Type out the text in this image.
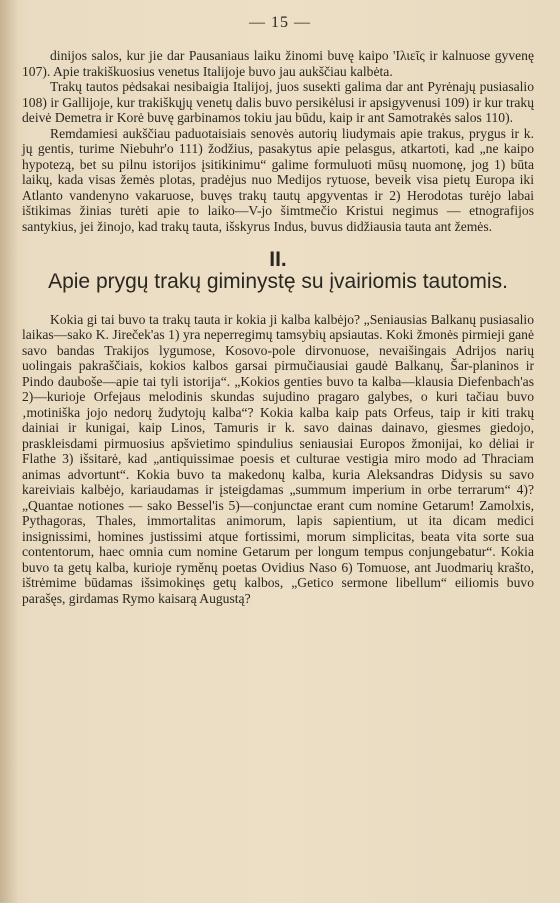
— 15 —

dinijos salos, kur jie dar Pausaniaus laiku žinomi buvę kaipo 'Ιλιεῖς ir kalnuose gyvenę 107). Apie trakiškuosius venetus Italijoje buvo jau aukščiau kalbėta.

Trakų tautos pėdsakai nesibaigia Italijoj, juos susekti galima dar ant Pyrėnajų pusiasalio 108) ir Gallijoje, kur trakiškųjų venetų dalis buvo persikėlusi ir apsigyvenusi 109) ir kur trakų deivė Demetra ir Korė buvę garbinamos tokiu jau būdu, kaip ir ant Samotrakės salos 110).

Remdamiesi aukščiau paduotaisiais senovės autorių liudymais apie trakus, prygus ir k. jų gentis, turime Niebuhr'o 111) žodžius, pasakytus apie pelasgus, atkartoti, kad „ne kaipo hypotezą, bet su pilnu istorijos įsitikinimu“ galime formuluoti mūsų nuomonę, jog 1) būta laikų, kada visas žemės plotas, pradėjus nuo Medijos rytuose, beveik visa pietų Europa iki Atlanto vandenyno vakaruose, buvęs trakų tautų apgyventas ir 2) Herodotas turėjo labai ištikimas žinias turėti apie to laiko—V-jo šimtmečio Kristui negimus — etnografijos santykius, jei žinojo, kad trakų tauta, išskyrus Indus, buvus didžiausia tauta ant žemės.

II.
Apie prygų trakų giminystę su įvairiomis tautomis.

Kokia gi tai buvo ta trakų tauta ir kokia ji kalba kalbėjo? „Seniausias Balkanų pusiasalio laikas—sako K. Jireček'as 1) yra neperregimų tamsybių apsiautas. Koki žmonės pirmieji ganė savo bandas Trakijos lygumose, Kosovo-pole dirvonuose, nevaišingais Adrijos narių uolingais pakraščiais, kokios kalbos garsai pirmučiausiai gaudė Balkanų, Šar-planinos ir Pindo dauboše—apie tai tyli istorija“. „Kokios genties buvo ta kalba—klausia Diefenbach'as 2)—kurioje Orfejaus melodinis skundas sujudino pragaro galybes, o kuri tačiau buvo ‚motiniška jojo nedorų žudytojų kalba“? Kokia kalba kaip pats Orfeus, taip ir kiti trakų dainiai ir kunigai, kaip Linos, Tamuris ir k. savo dainas dainavo, giesmes giedojo, praskleisdami pirmuosius apšvietimo spindulius seniausiai Europos žmonijai, ko dėliai ir Flathe 3) išsitarė, kad „antiquissimae poesis et culturae vestigia miro modo ad Thraciam animas advortunt“. Kokia buvo ta makedonų kalba, kuria Aleksandras Didysis su savo kareiviais kalbėjo, kariaudamas ir įsteigdamas „summum imperium in orbe terrarum“ 4)? „Quantae notiones — sako Bessel'is 5)—conjunctae erant cum nomine Getarum! Zamolxis, Pythagoras, Thales, immortalitas animorum, lapis sapientium, ut ita dicam medici insignissimi, homines justissimi atque fortissimi, morum simplicitas, beata vita sorte sua contentorum, haec omnia cum nomine Getarum per longum tempus conjungebatur“. Kokia buvo ta getų kalba, kurioje ryměnų poetas Ovidius Naso 6) Tomuose, ant Juodmarių krašto, ištrėmime būdamas išsimokinęs getų kalbos, „Getico sermone libellum“ eiliomis buvo parašęs, girdamas Rymo kaisarą Augustą?
